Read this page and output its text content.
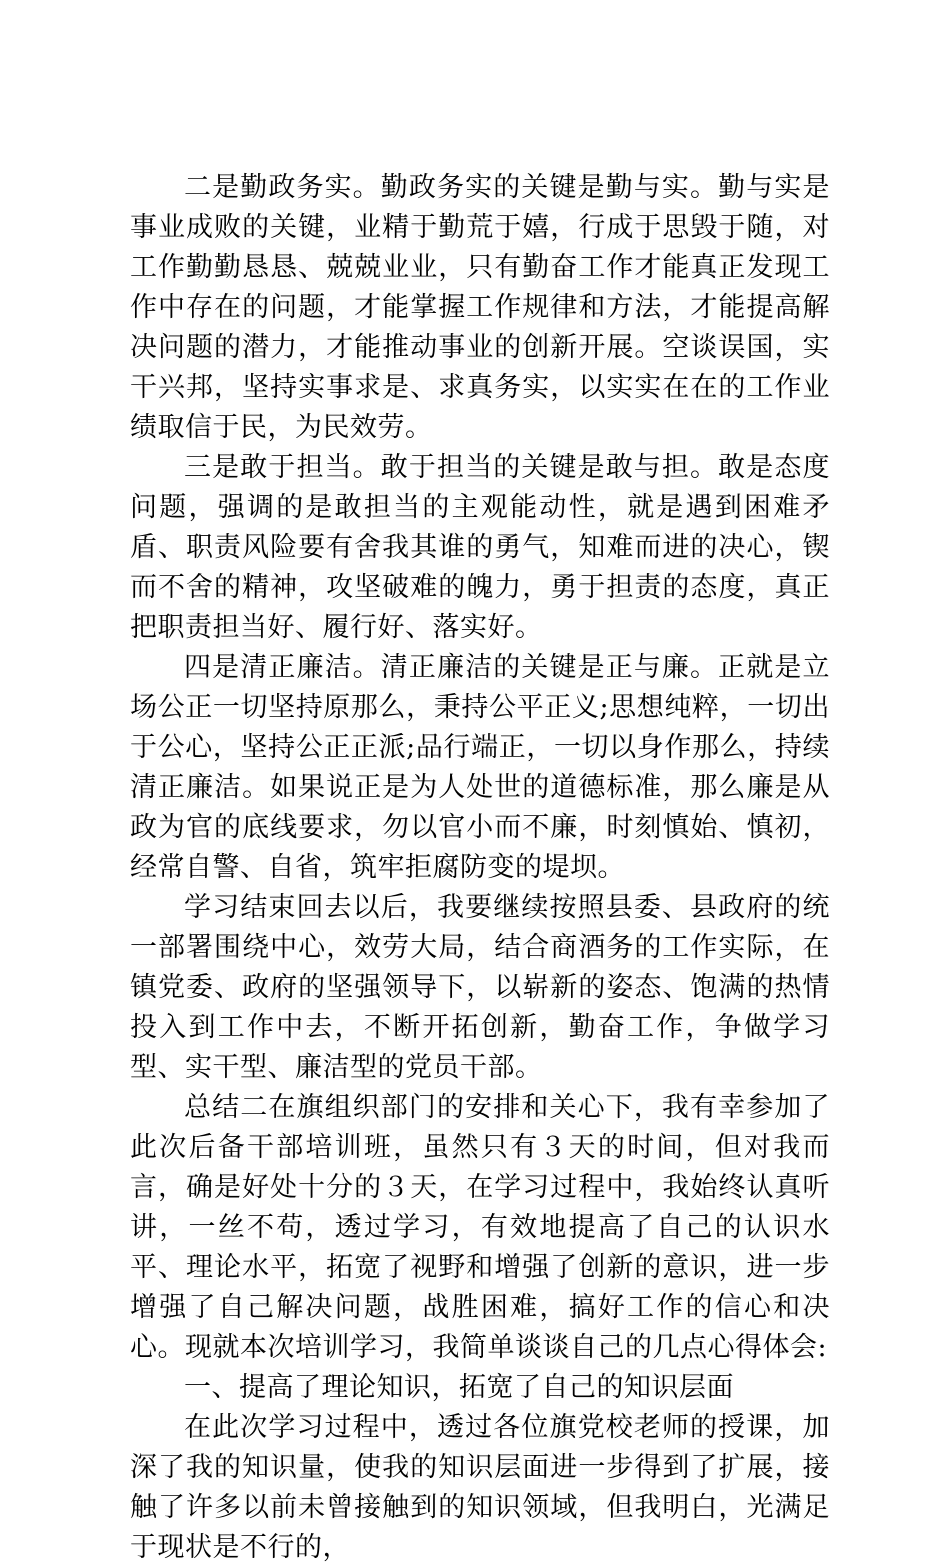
二是勤政务实。勤政务实的关键是勤与实。勤与实是事业成败的关键，业精于勤荒于嬉，行成于思毁于随，对工作勤勤恳恳、兢兢业业，只有勤奋工作才能真正发现工作中存在的问题，才能掌握工作规律和方法，才能提高解决问题的潜力，才能推动事业的创新开展。空谈误国，实干兴邦，坚持实事求是、求真务实，以实实在在的工作业绩取信于民，为民效劳。

三是敢于担当。敢于担当的关键是敢与担。敢是态度问题，强调的是敢担当的主观能动性，就是遇到困难矛盾、职责风险要有舍我其谁的勇气，知难而进的决心，锲而不舍的精神，攻坚破难的魄力，勇于担责的态度，真正把职责担当好、履行好、落实好。

四是清正廉洁。清正廉洁的关键是正与廉。正就是立场公正一切坚持原那么，秉持公平正义;思想纯粹，一切出于公心，坚持公正正派;品行端正，一切以身作那么，持续清正廉洁。如果说正是为人处世的道德标准，那么廉是从政为官的底线要求，勿以官小而不廉，时刻慎始、慎初，经常自警、自省，筑牢拒腐防变的堤坝。

学习结束回去以后，我要继续按照县委、县政府的统一部署围绕中心，效劳大局，结合商酒务的工作实际，在镇党委、政府的坚强领导下，以崭新的姿态、饱满的热情投入到工作中去，不断开拓创新，勤奋工作，争做学习型、实干型、廉洁型的党员干部。

总结二在旗组织部门的安排和关心下，我有幸参加了此次后备干部培训班，虽然只有３天的时间，但对我而言，确是好处十分的３天，在学习过程中，我始终认真听讲，一丝不苟，透过学习，有效地提高了自己的认识水平、理论水平，拓宽了视野和增强了创新的意识，进一步增强了自己解决问题，战胜困难，搞好工作的信心和决心。现就本次培训学习，我简单谈谈自己的几点心得体会:

一、提高了理论知识，拓宽了自己的知识层面

在此次学习过程中，透过各位旗党校老师的授课，加深了我的知识量，使我的知识层面进一步得到了扩展，接触了许多以前未曾接触到的知识领域，但我明白，光满足于现状是不行的，
